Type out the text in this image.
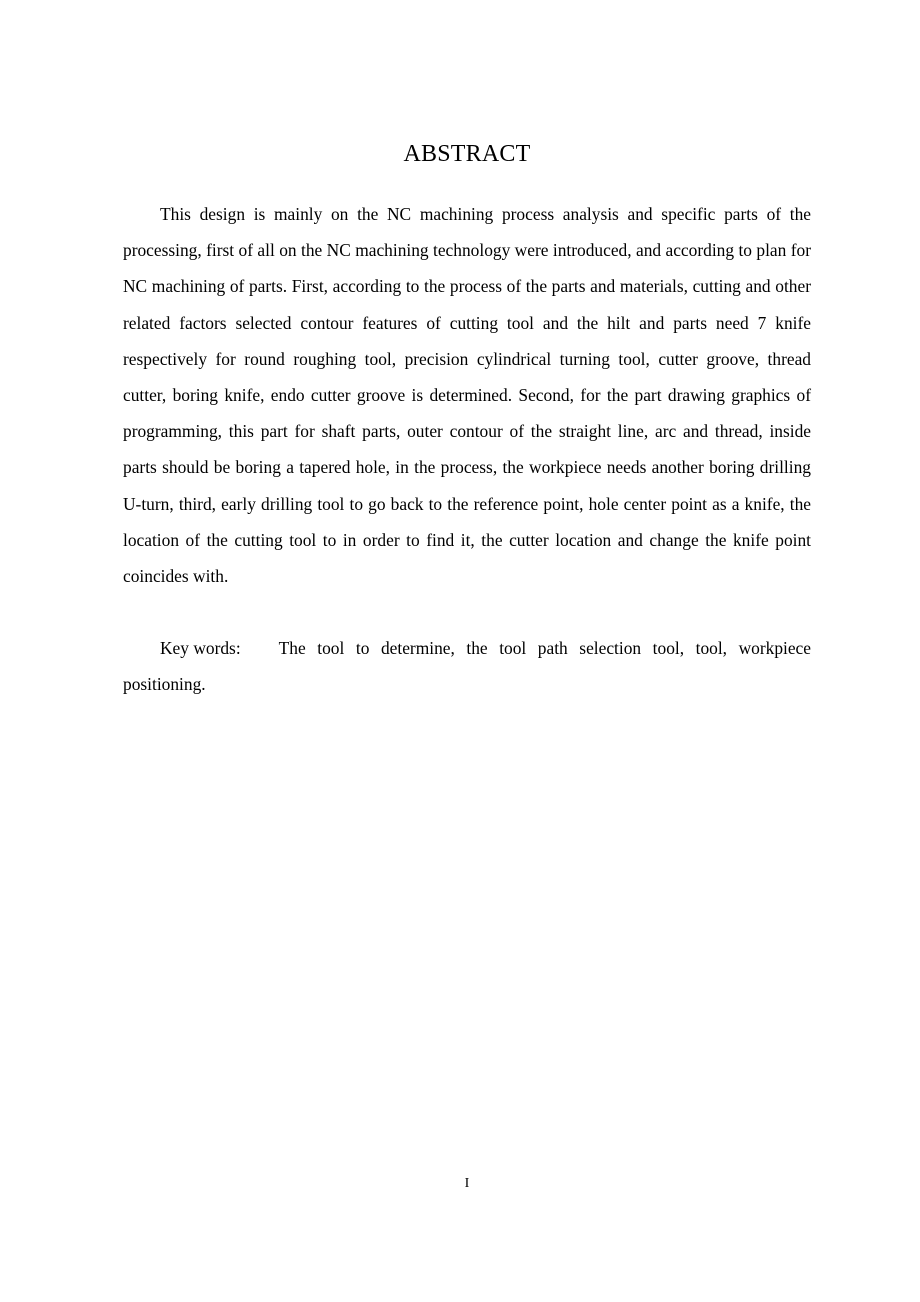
ABSTRACT

This design is mainly on the NC machining process analysis and specific parts of the processing, first of all on the NC machining technology were introduced, and according to plan for NC machining of parts. First, according to the process of the parts and materials, cutting and other related factors selected contour features of cutting tool and the hilt and parts need 7 knife respectively for round roughing tool, precision cylindrical turning tool, cutter groove, thread cutter, boring knife, endo cutter groove is determined. Second, for the part drawing graphics of programming, this part for shaft parts, outer contour of the straight line, arc and thread, inside parts should be boring a tapered hole, in the process, the workpiece needs another boring drilling U-turn, third, early drilling tool to go back to the reference point, hole center point as a knife, the location of the cutting tool to in order to find it, the cutter location and change the knife point coincides with.

Key words: The tool to determine, the tool path selection tool, tool, workpiece positioning.

I
